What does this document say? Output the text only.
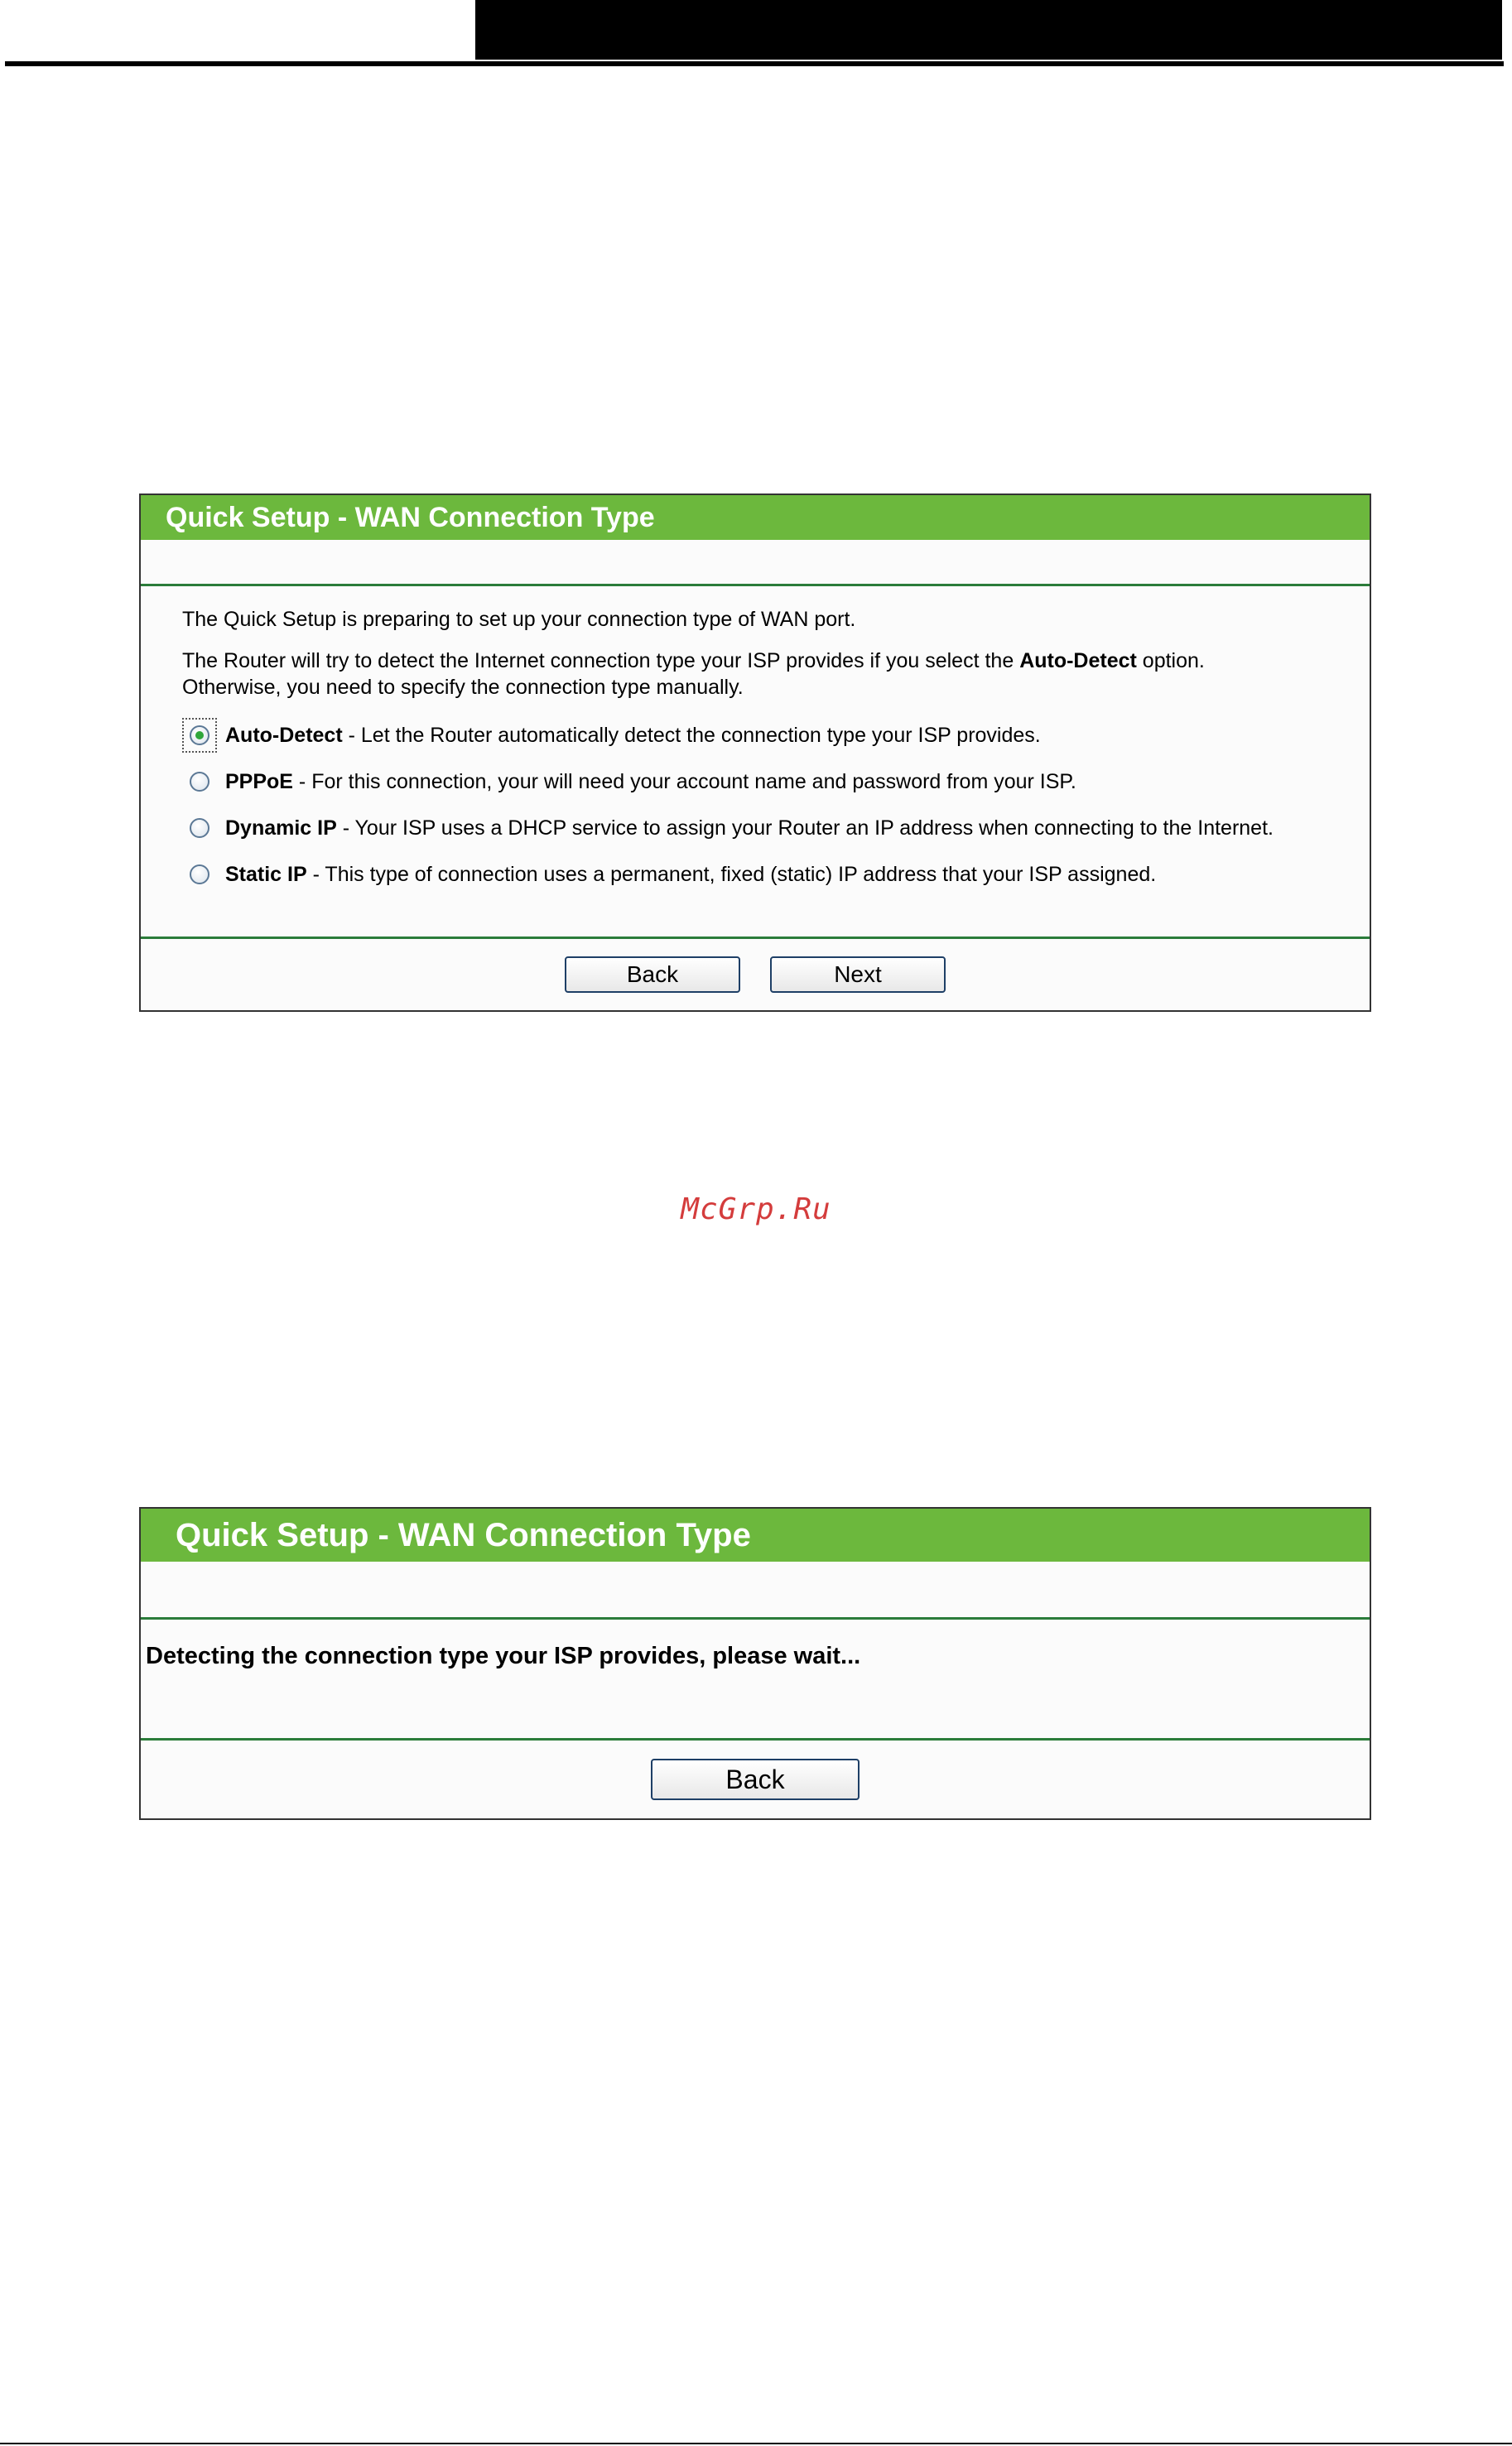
Quick Setup - WAN Connection Type

The Quick Setup is preparing to set up your connection type of WAN port.

The Router will try to detect the Internet connection type your ISP provides if you select the Auto-Detect option.

Otherwise, you need to specify the connection type manually.

Auto-Detect - Let the Router automatically detect the connection type your ISP provides.
PPPoE - For this connection, your will need your account name and password from your ISP.
Dynamic IP - Your ISP uses a DHCP service to assign your Router an IP address when connecting to the Internet.
Static IP - This type of connection uses a permanent, fixed (static) IP address that your ISP assigned.
Back	Next
McGrp.Ru
Quick Setup - WAN Connection Type
Detecting the connection type your ISP provides, please wait...
Back
